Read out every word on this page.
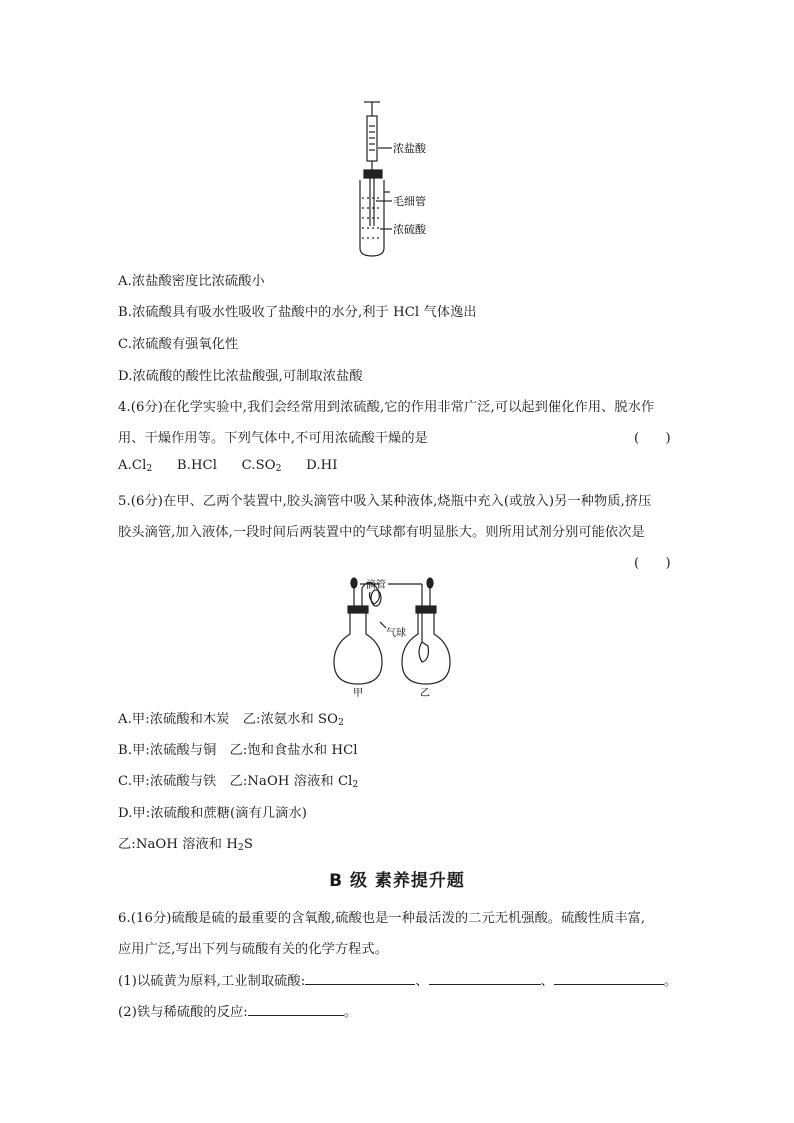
浓盐酸
毛细管
浓硫酸
A.浓盐酸密度比浓硫酸小
B.浓硫酸具有吸水性吸收了盐酸中的水分,利于 HCl 气体逸出
C.浓硫酸有强氧化性
D.浓硫酸的酸性比浓盐酸强,可制取浓盐酸
4.(6分)在化学实验中,我们会经常用到浓硫酸,它的作用非常广泛,可以起到催化作用、脱水作
用、干燥作用等。下列气体中,不可用浓硫酸干燥的是	(　　)
$A.Cl_2$ B.HCl $C.SO_2$ D.HI
5.(6分)在甲、乙两个装置中,胶头滴管中吸入某种液体,烧瓶中充入(或放入)另一种物质,挤压
胶头滴管,加入液体,一段时间后两装置中的气球都有明显胀大。则所用试剂分别可能依次是
(　　)
滴管
气球
甲	乙
A.甲:浓硫酸和木炭　乙:浓氨水和 $SO_2$
B.甲:浓硫酸与铜　乙:饱和食盐水和 HCl
C.甲:浓硫酸与铁　乙:NaOH 溶液和 $Cl_2$
D.甲:浓硫酸和蔗糖(滴有几滴水)
乙:NaOH 溶液和 $H_2S$
B 级 素养提升题
6.(16分)硫酸是硫的最重要的含氧酸,硫酸也是一种最活泼的二元无机强酸。硫酸性质丰富,
应用广泛,写出下列与硫酸有关的化学方程式。
(1)以硫黄为原料,工业制取硫酸:	、	、	。
(2)铁与稀硫酸的反应:	。
